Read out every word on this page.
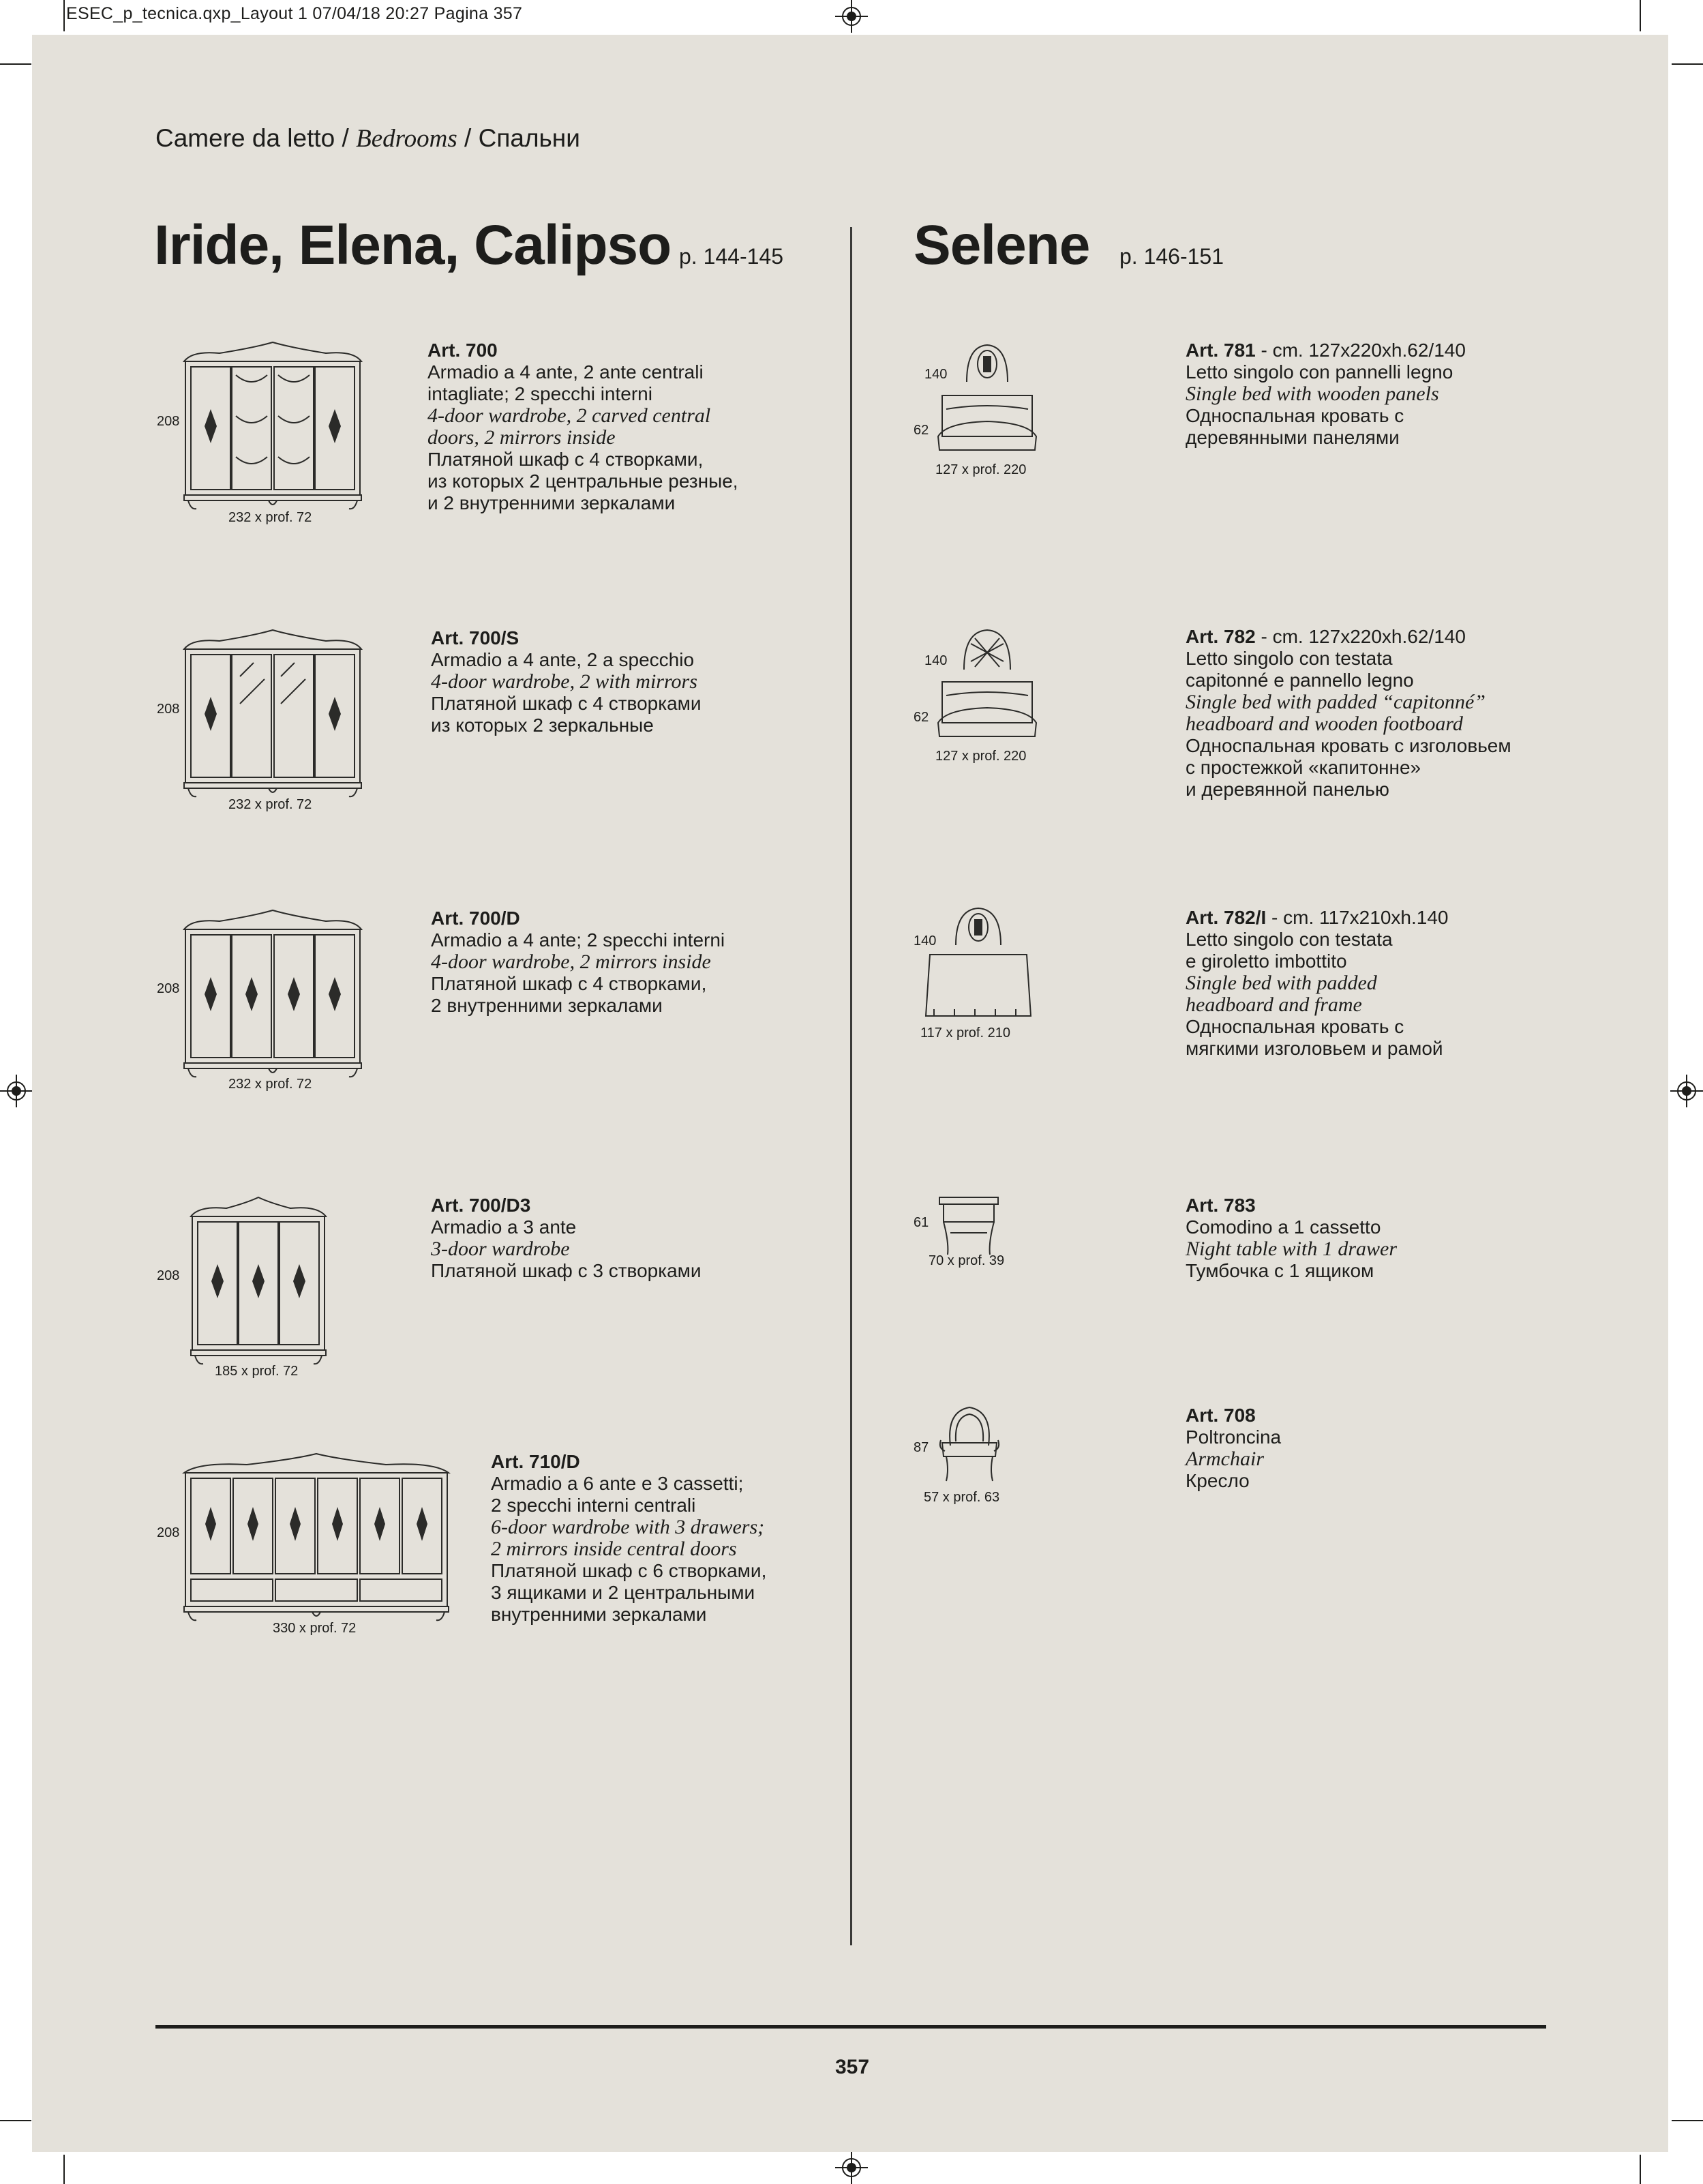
ESEC_p_tecnica.qxp_Layout 1 07/04/18 20:27 Pagina 357
Camere da letto / Bedrooms / Спальни
Iride, Elena, Calipso p. 144-145 Selene p. 146-151
208
232 x prof. 72
Art. 700
Armadio a 4 ante, 2 ante centrali
intagliate; 2 specchi interni
4-door wardrobe, 2 carved central
doors, 2 mirrors inside
Платяной шкаф с 4 створками,
из которых 2 центральные резные,
и 2 внутренними зеркалами
208
232 x prof. 72
Art. 700/S
Armadio a 4 ante, 2 a specchio
4-door wardrobe, 2 with mirrors
Платяной шкаф с 4 створками
из которых 2 зеркальные
208
232 x prof. 72
Art. 700/D
Armadio a 4 ante; 2 specchi interni
4-door wardrobe, 2 mirrors inside
Платяной шкаф с 4 створками,
2 внутренними зеркалами
208
185 x prof. 72
Art. 700/D3
Armadio a 3 ante
3-door wardrobe
Платяной шкаф с 3 створками
208
330 x prof. 72
Art. 710/D
Armadio a 6 ante e 3 cassetti;
2 specchi interni centrali
6-door wardrobe with 3 drawers;
2 mirrors inside central doors
Платяной шкаф с 6 створками,
3 ящиками и 2 центральными
внутренними зеркалами
140
62
127 x prof. 220
Art. 781 - cm. 127x220xh.62/140
Letto singolo con pannelli legno
Single bed with wooden panels
Односпальная кровать с
деревянными панелями
140
62
127 x prof. 220
Art. 782 - cm. 127x220xh.62/140
Letto singolo con testata
capitonné e pannello legno
Single bed with padded “capitonné”
headboard and wooden footboard
Односпальная кровать с изголовьем
с простежкой «капитонне»
и деревянной панелью
140
117 x prof. 210
Art. 782/I - cm. 117x210xh.140
Letto singolo con testata
e giroletto imbottito
Single bed with padded
headboard and frame
Односпальная кровать с
мягкими изголовьем и рамой
61
70 x prof. 39
Art. 783
Comodino a 1 cassetto
Night table with 1 drawer
Тумбочка с 1 ящиком
87
57 x prof. 63
Art. 708
Poltroncina
Armchair
Кресло
357
